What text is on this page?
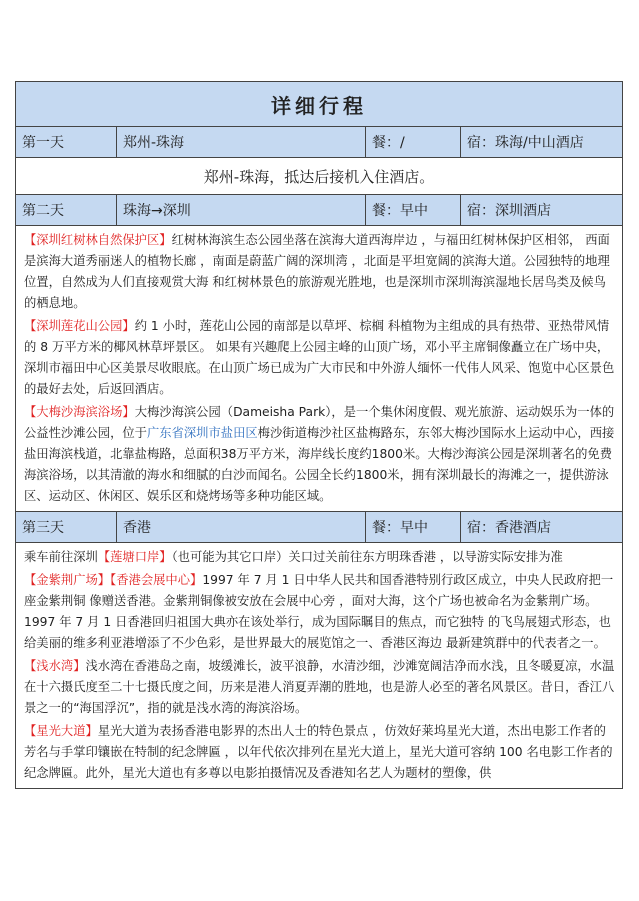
详细行程			
第一天	郑州-珠海	餐：/	宿：珠海/中山酒店
郑州-珠海，抵达后接机入住酒店。			
第二天	珠海→深圳	餐：早中	宿：深圳酒店

【深圳红树林自然保护区】红树林海滨生态公园坐落在滨海大道西海岸边 ，与福田红树林保护区相邻， 西面是滨海大道秀丽迷人的植物长廊 ，南面是蔚蓝广阔的深圳湾 ，北面是平坦宽阔的滨海大道。公园独特的地理位置，自然成为人们直接观赏大海 和红树林景色的旅游观光胜地，也是深圳市深圳海滨湿地长居鸟类及候鸟的栖息地。

【深圳莲花山公园】约 1 小时，莲花山公园的南部是以草坪、棕榈 科植物为主组成的具有热带、亚热带风情的 8 万平方米的椰风林草坪景区。 如果有兴趣爬上公园主峰的山顶广场，邓小平主席铜像矗立在广场中央，深圳市福田中心区美景尽收眼底。在山顶广场已成为广大市民和中外游人缅怀一代伟人风采、饱览中心区景色的最好去处，后返回酒店。

【大梅沙海滨浴场】大梅沙海滨公园（Dameisha Park），是一个集休闲度假、观光旅游、运动娱乐为一体的公益性沙滩公园，位于广东省深圳市盐田区梅沙街道梅沙社区盐梅路东，东邻大梅沙国际水上运动中心，西接盐田海滨栈道，北靠盐梅路，总面积38万平方米，海岸线长度约1800米。大梅沙海滨公园是深圳著名的免费海滨浴场，以其清澈的海水和细腻的白沙而闻名。公园全长约1800米，拥有深圳最长的海滩之一，提供游泳区、运动区、休闲区、娱乐区和烧烤场等多种功能区域。			

第三天	香港	餐：早中	宿：香港酒店

乘车前往深圳【莲塘口岸】（也可能为其它口岸）关口过关前往东方明珠香港 ，以导游实际安排为准

【金紫荆广场】【香港会展中心】1997 年 7 月 1 日中华人民共和国香港特别行政区成立，中央人民政府把一座金紫荆铜 像赠送香港。金紫荆铜像被安放在会展中心旁 ，面对大海，这个广场也被命名为金紫荆广场。1997 年 7 月 1 日香港回归祖国大典亦在该处举行，成为国际瞩目的焦点，而它独特 的飞鸟展翅式形态，也给美丽的维多利亚港增添了不少色彩，是世界最大的展览馆之一、香港区海边 最新建筑群中的代表者之一。

【浅水湾】浅水湾在香港岛之南，坡缓滩长，波平浪静，水清沙细，沙滩宽阔洁净而水浅，且冬暖夏凉，水温在十六摄氏度至二十七摄氏度之间，历来是港人消夏弄潮的胜地，也是游人必至的著名风景区。昔日，香江八景之一的“海国浮沉”，指的就是浅水湾的海滨浴场。

【星光大道】星光大道为表扬香港电影界的杰出人士的特色景点 ，仿效好莱坞星光大道，杰出电影工作者的芳名与手掌印镶嵌在特制的纪念牌匾 ，以年代依次排列在星光大道上，星光大道可容纳 100 名电影工作者的纪念牌匾。此外，星光大道也有多尊以电影拍摄情况及香港知名艺人为题材的塑像，供			
